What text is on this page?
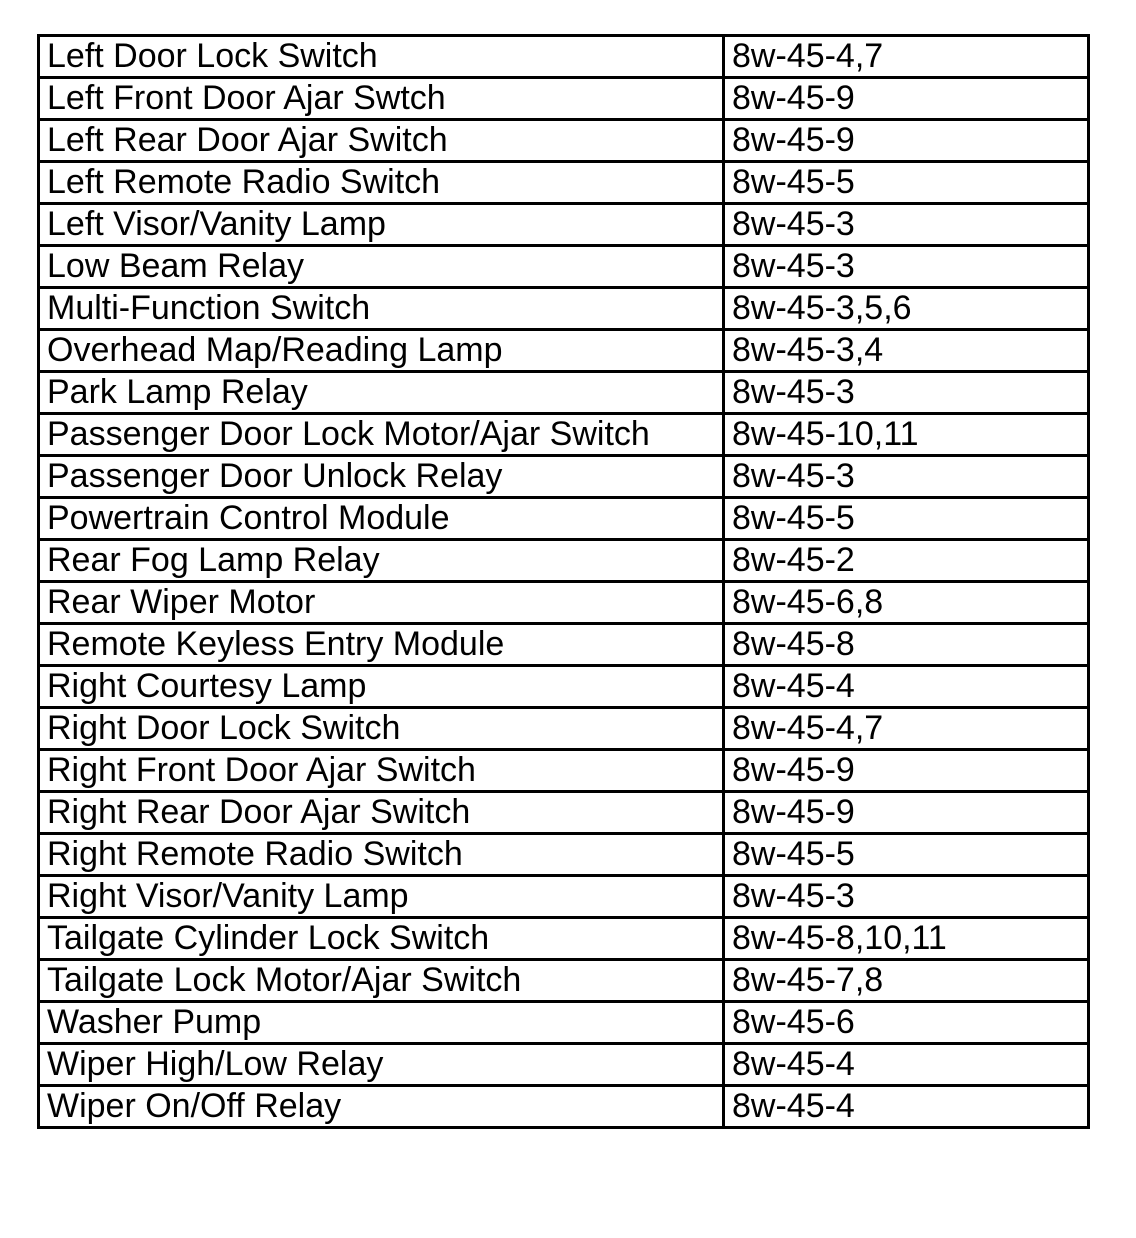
Left Door Lock Switch	8w-45-4,7
Left Front Door Ajar Swtch	8w-45-9
Left Rear Door Ajar Switch	8w-45-9
Left Remote Radio Switch	8w-45-5
Left Visor/Vanity Lamp	8w-45-3
Low Beam Relay	8w-45-3
Multi-Function Switch	8w-45-3,5,6
Overhead Map/Reading Lamp	8w-45-3,4
Park Lamp Relay	8w-45-3
Passenger Door Lock Motor/Ajar Switch	8w-45-10,11
Passenger Door Unlock Relay	8w-45-3
Powertrain Control Module	8w-45-5
Rear Fog Lamp Relay	8w-45-2
Rear Wiper Motor	8w-45-6,8
Remote Keyless Entry Module	8w-45-8
Right Courtesy Lamp	8w-45-4
Right Door Lock Switch	8w-45-4,7
Right Front Door Ajar Switch	8w-45-9
Right Rear Door Ajar Switch	8w-45-9
Right Remote Radio Switch	8w-45-5
Right Visor/Vanity Lamp	8w-45-3
Tailgate Cylinder Lock Switch	8w-45-8,10,11
Tailgate Lock Motor/Ajar Switch	8w-45-7,8
Washer Pump	8w-45-6
Wiper High/Low Relay	8w-45-4
Wiper On/Off Relay	8w-45-4
